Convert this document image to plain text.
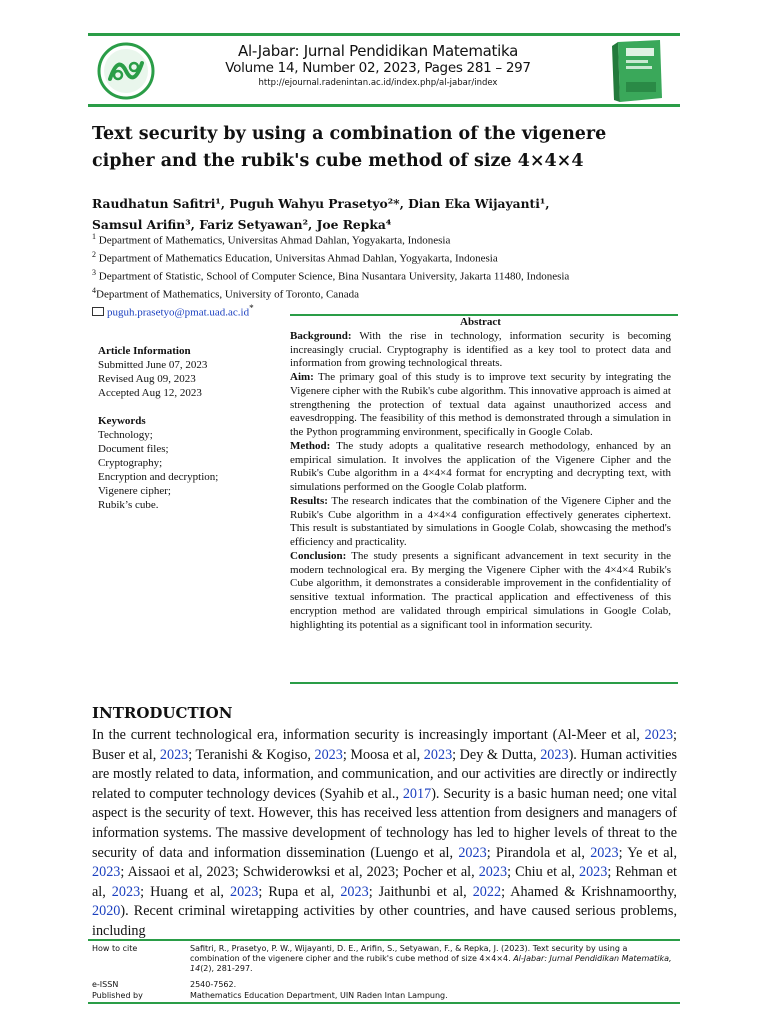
Al-Jabar: Jurnal Pendidikan Matematika
Volume 14, Number 02, 2023, Pages 281 – 297
http://ejournal.radenintan.ac.id/index.php/al-jabar/index
Text security by using a combination of the vigenere
cipher and the rubik's cube method of size 4×4×4
Raudhatun Safitri¹, Puguh Wahyu Prasetyo²*, Dian Eka Wijayanti¹,
Samsul Arifin³, Fariz Setyawan², Joe Repka⁴
$^1$ Department of Mathematics, Universitas Ahmad Dahlan, Yogyakarta, Indonesia
$^2$ Department of Mathematics Education, Universitas Ahmad Dahlan, Yogyakarta, Indonesia
$^3$ Department of Statistic, School of Computer Science, Bina Nusantara University, Jakarta 11480, Indonesia
$^4$Department of Mathematics, University of Toronto, Canada
puguh.prasetyo@pmat.uad.ac.id*
Article Information
Submitted June 07, 2023
Revised Aug 09, 2023
Accepted Aug 12, 2023
Keywords
Technology;
Document files;
Cryptography;
Encryption and decryption;
Vigenere cipher;
Rubik’s cube.
Abstract
Background: With the rise in technology, information security is becoming increasingly crucial. Cryptography is identified as a key tool to protect data and information from growing technological threats.
Aim: The primary goal of this study is to improve text security by integrating the Vigenere cipher with the Rubik's cube algorithm. This innovative approach is aimed at strengthening the protection of textual data against unauthorized access and eavesdropping. The feasibility of this method is demonstrated through a simulation in the Python programming environment, specifically in Google Colab.
Method: The study adopts a qualitative research methodology, enhanced by an empirical simulation. It involves the application of the Vigenere Cipher and the Rubik's Cube algorithm in a 4×4×4 format for encrypting and decrypting text, with simulations performed on the Google Colab platform.
Results: The research indicates that the combination of the Vigenere Cipher and the Rubik's Cube algorithm in a 4×4×4 configuration effectively generates ciphertext. This result is substantiated by simulations in Google Colab, showcasing the method's efficiency and practicality.
Conclusion: The study presents a significant advancement in text security in the modern technological era. By merging the Vigenere Cipher with the 4×4×4 Rubik's Cube algorithm, it demonstrates a considerable improvement in the confidentiality of sensitive textual information. The practical application and effectiveness of this encryption method are validated through empirical simulations in Google Colab, highlighting its potential as a significant tool in information security.
INTRODUCTION
In the current technological era, information security is increasingly important (Al-Meer et al, 2023; Buser et al, 2023; Teranishi & Kogiso, 2023; Moosa et al, 2023; Dey & Dutta, 2023). Human activities are mostly related to data, information, and communication, and our activities are directly or indirectly related to computer technology devices (Syahib et al., 2017). Security is a basic human need; one vital aspect is the security of text. However, this has received less attention from designers and managers of information systems. The massive development of technology has led to higher levels of threat to the security of data and information dissemination (Luengo et al, 2023; Pirandola et al, 2023; Ye et al, 2023; Aissaoi et al, 2023; Schwiderowksi et al, 2023; Pocher et al, 2023; Chiu et al, 2023; Rehman et al, 2023; Huang et al, 2023; Rupa et al, 2023; Jaithunbi et al, 2022; Ahamed & Krishnamoorthy, 2020). Recent criminal wiretapping activities by other countries, and have caused serious problems, including
How to cite	Safitri, R., Prasetyo, P. W., Wijayanti, D. E., Arifin, S., Setyawan, F., & Repka, J. (2023). Text security by using a combination of the vigenere cipher and the rubik's cube method of size 4×4×4. Al-Jabar: Jurnal Pendidikan Matematika, 14(2), 281-297.
e-ISSN	2540-7562.
Published by	Mathematics Education Department, UIN Raden Intan Lampung.
